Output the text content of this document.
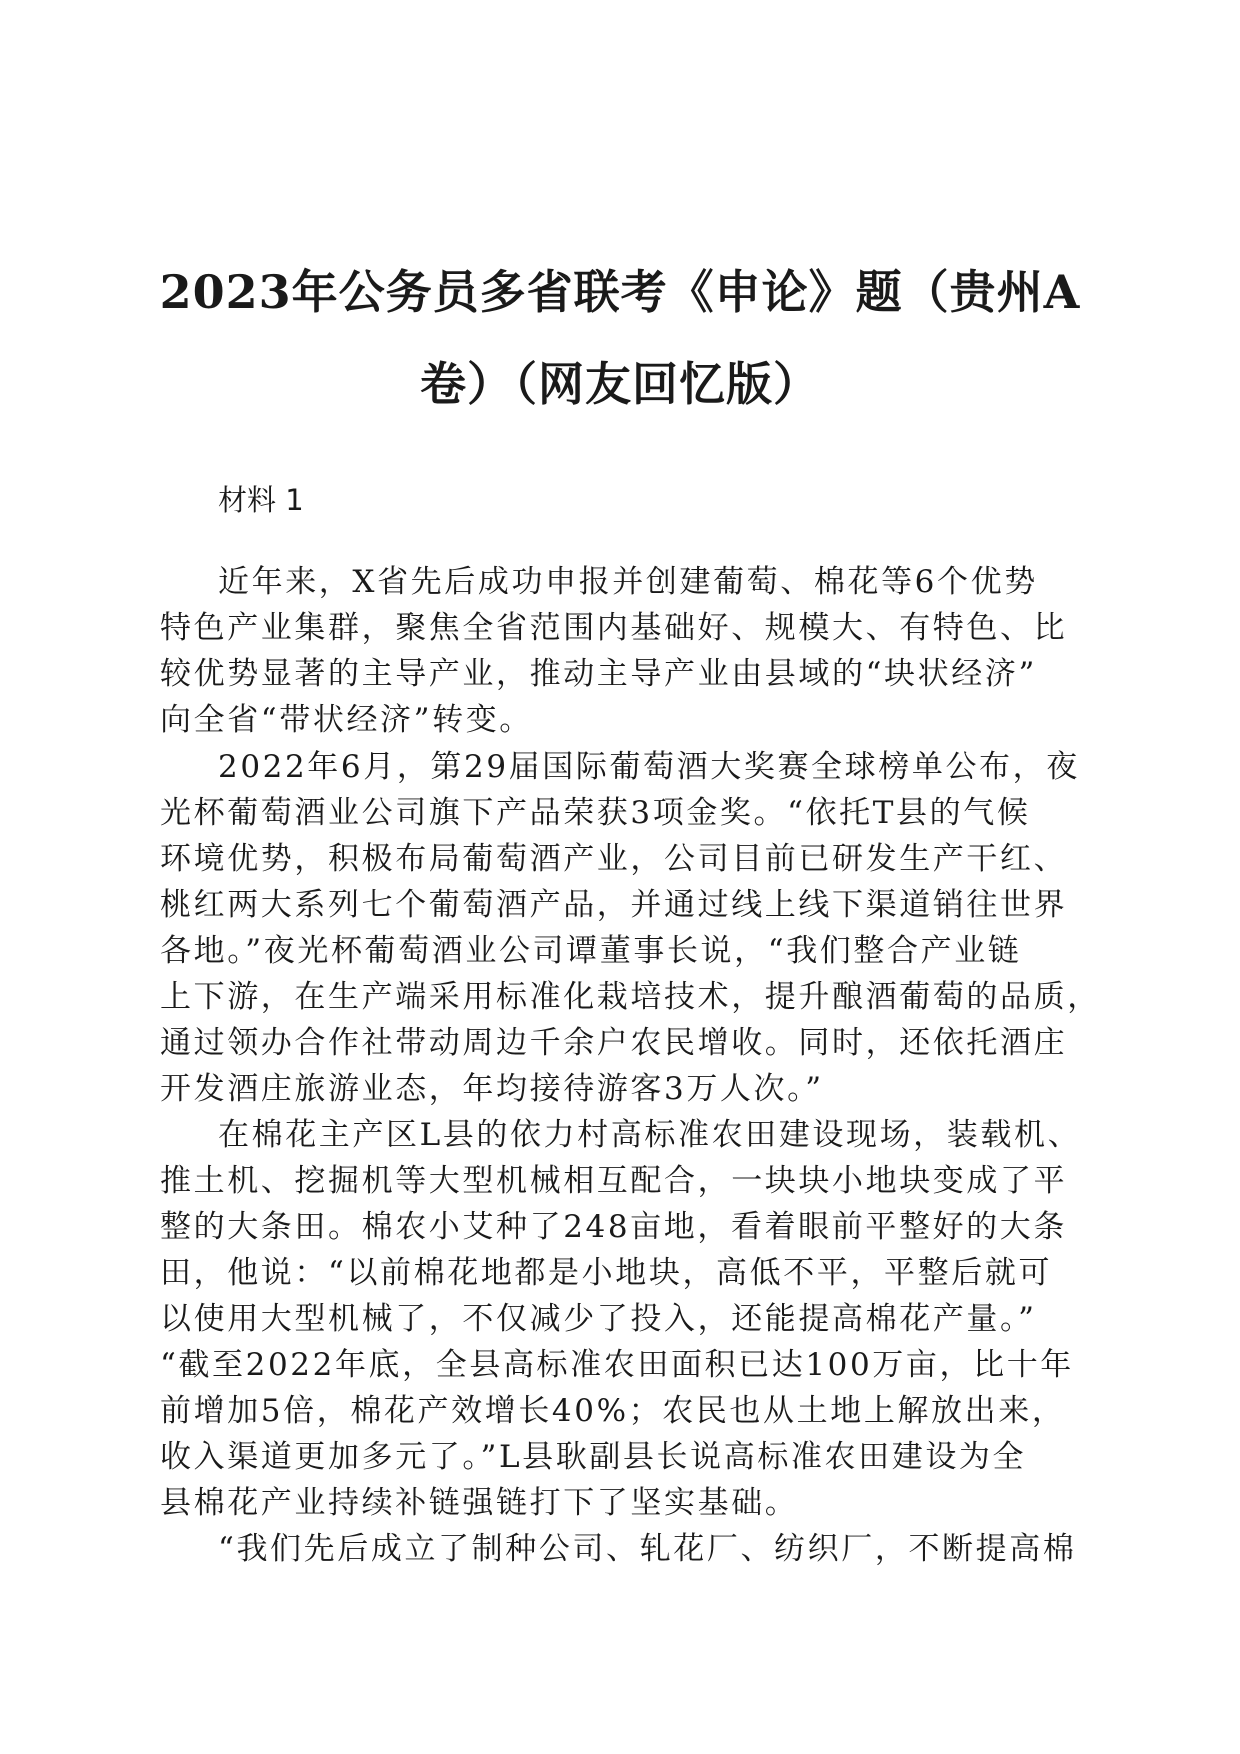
2023年公务员多省联考《申论》题（贵州A
卷）（网友回忆版）

材料 1

近年来，X省先后成功申报并创建葡萄、棉花等6个优势

特色产业集群，聚焦全省范围内基础好、规模大、有特色、比

较优势显著的主导产业，推动主导产业由县域的“块状经济”

向全省“带状经济”转变。

2022年6月，第29届国际葡萄酒大奖赛全球榜单公布，夜

光杯葡萄酒业公司旗下产品荣获3项金奖。“依托T县的气候

环境优势，积极布局葡萄酒产业，公司目前已研发生产干红、

桃红两大系列七个葡萄酒产品，并通过线上线下渠道销往世界

各地。”夜光杯葡萄酒业公司谭董事长说，“我们整合产业链

上下游，在生产端采用标准化栽培技术，提升酿酒葡萄的品质，

通过领办合作社带动周边千余户农民增收。同时，还依托酒庄

开发酒庄旅游业态，年均接待游客3万人次。”

在棉花主产区L县的依力村高标准农田建设现场，装载机、

推土机、挖掘机等大型机械相互配合，一块块小地块变成了平

整的大条田。棉农小艾种了248亩地，看着眼前平整好的大条

田，他说：“以前棉花地都是小地块，高低不平，平整后就可

以使用大型机械了，不仅减少了投入，还能提高棉花产量。”

“截至2022年底，全县高标准农田面积已达100万亩，比十年

前增加5倍，棉花产效增长40%；农民也从土地上解放出来，

收入渠道更加多元了。”L县耿副县长说高标准农田建设为全

县棉花产业持续补链强链打下了坚实基础。

“我们先后成立了制种公司、轧花厂、纺织厂，不断提高棉
